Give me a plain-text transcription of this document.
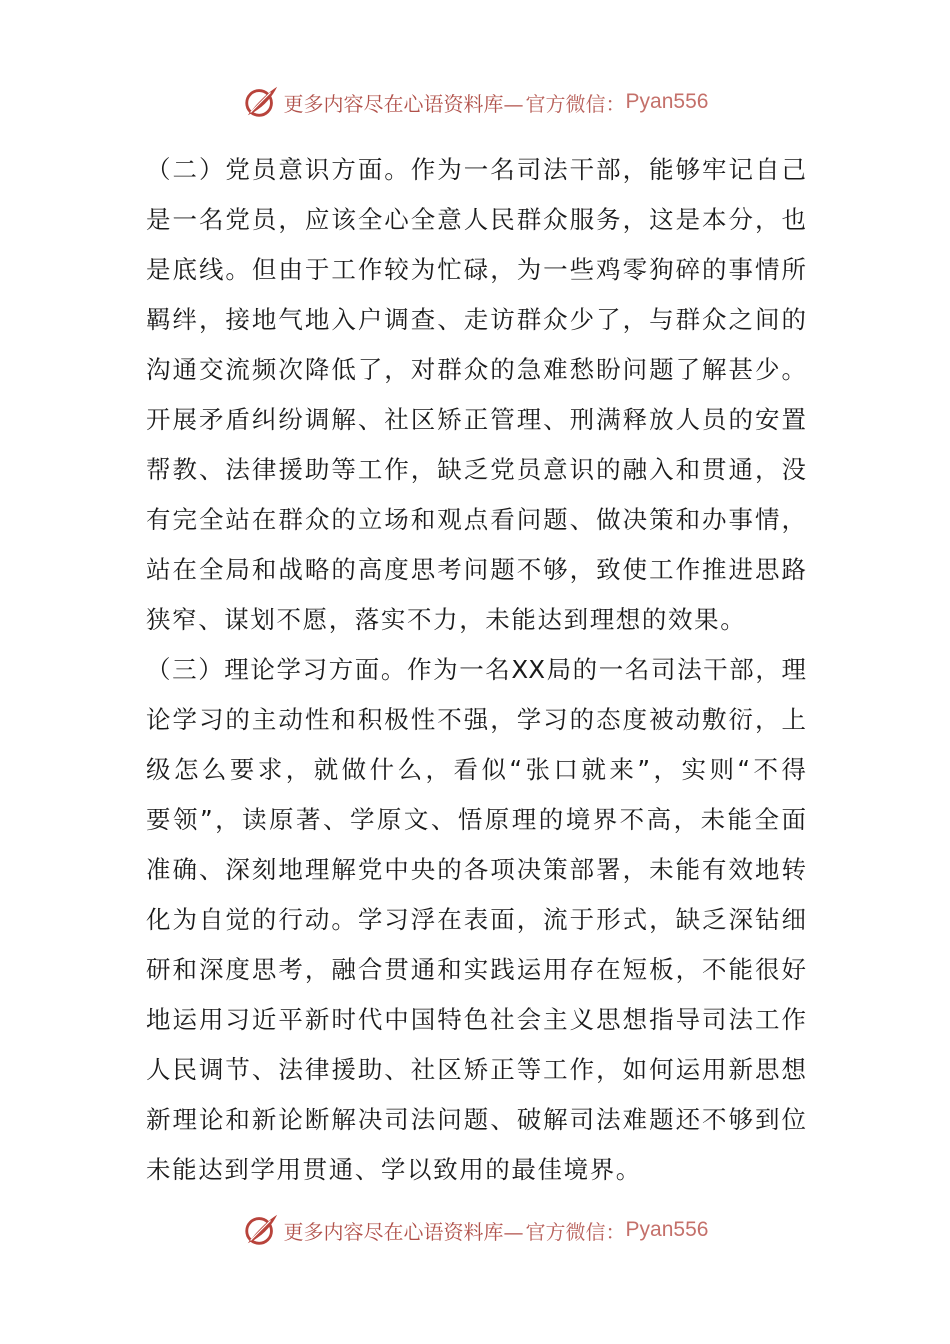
更多内容尽在心语资料库— 官方微信： Pyan556
（二）党员意识方面。作为一名司法干部，能够牢记自己
是一名党员，应该全心全意人民群众服务，这是本分，也
是底线。但由于工作较为忙碌，为一些鸡零狗碎的事情所
羁绊，接地气地入户调查、走访群众少了，与群众之间的
沟通交流频次降低了，对群众的急难愁盼问题了解甚少。
开展矛盾纠纷调解、社区矫正管理、刑满释放人员的安置
帮教、法律援助等工作，缺乏党员意识的融入和贯通，没
有完全站在群众的立场和观点看问题、做决策和办事情，
站在全局和战略的高度思考问题不够，致使工作推进思路
狭窄、谋划不愿，落实不力，未能达到理想的效果。
（三）理论学习方面。作为一名XX局的一名司法干部，理
论学习的主动性和积极性不强，学习的态度被动敷衍，上
级怎么要求，就做什么，看似“张口就来”，实则“不得
要领”，读原著、学原文、悟原理的境界不高，未能全面
准确、深刻地理解党中央的各项决策部署，未能有效地转
化为自觉的行动。学习浮在表面，流于形式，缺乏深钻细
研和深度思考，融合贯通和实践运用存在短板，不能很好
地运用习近平新时代中国特色社会主义思想指导司法工作
人民调节、法律援助、社区矫正等工作，如何运用新思想
新理论和新论断解决司法问题、破解司法难题还不够到位
未能达到学用贯通、学以致用的最佳境界。
更多内容尽在心语资料库— 官方微信： Pyan556
